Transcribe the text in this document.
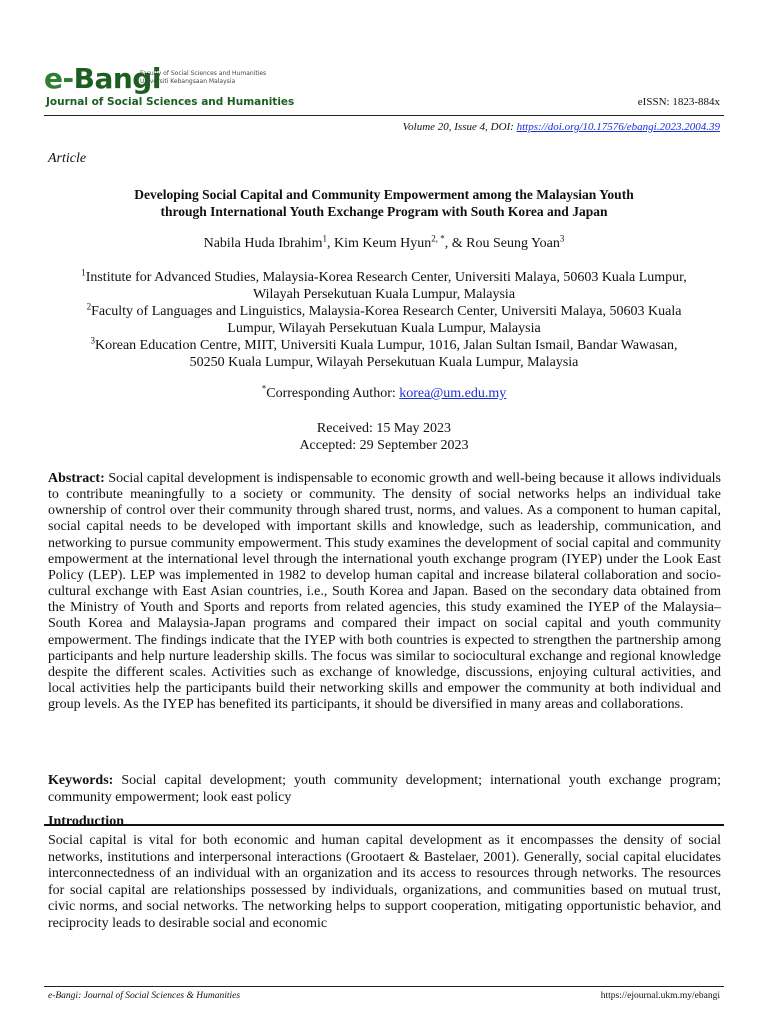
e-Bangi
Faculty of Social Sciences and Humanities
Universiti Kebangsaan Malaysia
Journal of Social Sciences and Humanities	eISSN: 1823-884x
Volume 20, Issue 4, DOI: https://doi.org/10.17576/ebangi.2023.2004.39
Article
Developing Social Capital and Community Empowerment among the Malaysian Youth
through International Youth Exchange Program with South Korea and Japan
Nabila Huda Ibrahim$^1$, Kim Keum Hyun$^{2, *}$, & Rou Seung Yoan$^3$
$^1$Institute for Advanced Studies, Malaysia-Korea Research Center, Universiti Malaya, 50603 Kuala Lumpur,
Wilayah Persekutuan Kuala Lumpur, Malaysia
$^2$Faculty of Languages and Linguistics, Malaysia-Korea Research Center, Universiti Malaya, 50603 Kuala
Lumpur, Wilayah Persekutuan Kuala Lumpur, Malaysia
$^3$Korean Education Centre, MIIT, Universiti Kuala Lumpur, 1016, Jalan Sultan Ismail, Bandar Wawasan,
50250 Kuala Lumpur, Wilayah Persekutuan Kuala Lumpur, Malaysia
*Corresponding Author: korea@um.edu.my
Received: 15 May 2023
Accepted: 29 September 2023

Abstract: Social capital development is indispensable to economic growth and well-being because it allows individuals to contribute meaningfully to a society or community. The density of social networks helps an individual take ownership of control over their community through shared trust, norms, and values. As a component to human capital, social capital needs to be developed with important skills and knowledge, such as leadership, communication, and networking to pursue community empowerment. This study examines the development of social capital and community empowerment at the international level through the international youth exchange program (IYEP) under the Look East Policy (LEP). LEP was implemented in 1982 to develop human capital and increase bilateral collaboration and socio-cultural exchange with East Asian countries, i.e., South Korea and Japan. Based on the secondary data obtained from the Ministry of Youth and Sports and reports from related agencies, this study examined the IYEP of the Malaysia–South Korea and Malaysia-Japan programs and compared their impact on social capital and youth community empowerment. The findings indicate that the IYEP with both countries is expected to strengthen the partnership among participants and help nurture leadership skills. The focus was similar to sociocultural exchange and regional knowledge despite the different scales. Activities such as exchange of knowledge, discussions, enjoying cultural activities, and local activities help the participants build their networking skills and empower the community at both individual and group levels. As the IYEP has benefited its participants, it should be diversified in many areas and collaborations.

Keywords: Social capital development; youth community development; international youth exchange program; community empowerment; look east policy

Introduction

Social capital is vital for both economic and human capital development as it encompasses the density of social networks, institutions and interpersonal interactions (Grootaert & Bastelaer, 2001). Generally, social capital elucidates interconnectedness of an individual with an organization and its access to resources through networks. The resources for social capital are relationships possessed by individuals, organizations, and communities based on mutual trust, civic norms, and social networks. The networking helps to support cooperation, mitigating opportunistic behavior, and reciprocity leads to desirable social and economic

e-Bangi: Journal of Social Sciences & Humanities	https://ejournal.ukm.my/ebangi
